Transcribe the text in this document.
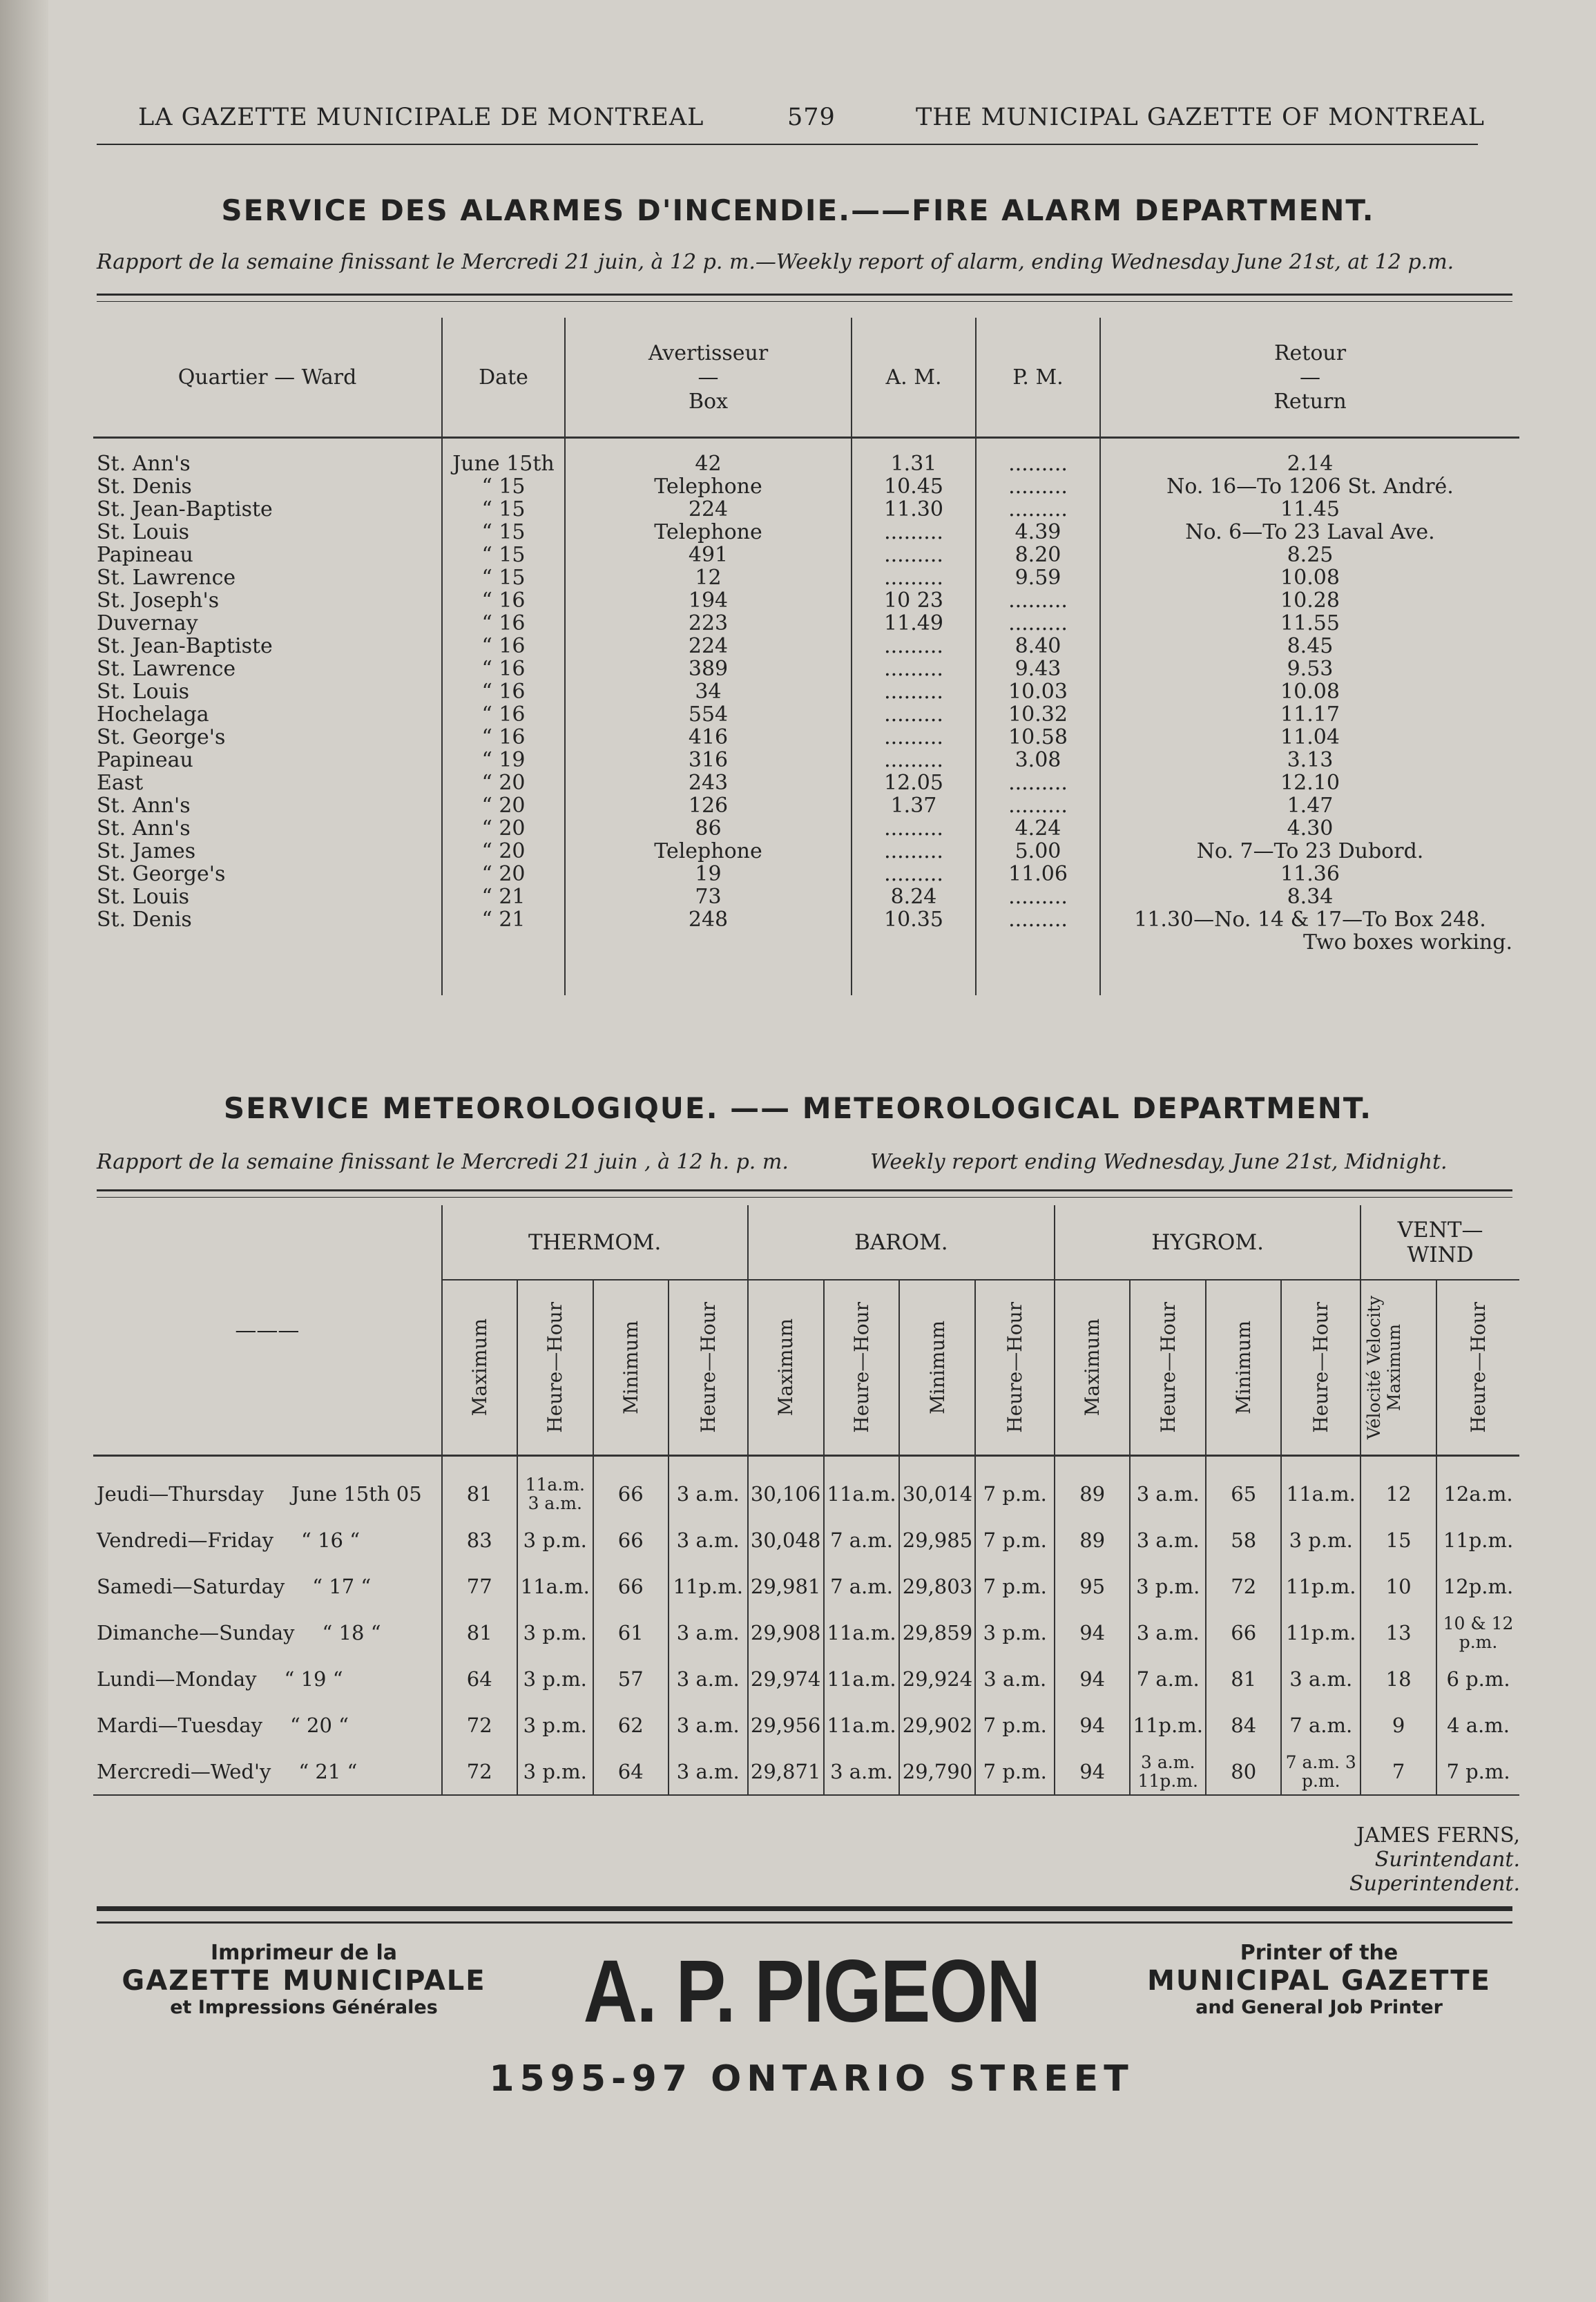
LA GAZETTE MUNICIPALE DE MONTREAL	579	THE MUNICIPAL GAZETTE OF MONTREAL
SERVICE DES ALARMES D'INCENDIE.——FIRE ALARM DEPARTMENT.
Rapport de la semaine finissant le Mercredi 21 juin, à 12 p. m.—Weekly report of alarm, ending Wednesday June 21st, at 12 p.m.
Quartier — Ward	Date	Avertisseur
—
Box	A. M.	P. M.	Retour
—
Return

St. Ann's	June 15th	42	1.31	.........	2.14
St. Denis	“ 15	Telephone	10.45	.........	No. 16—To 1206 St. André.
St. Jean-Baptiste	“ 15	224	11.30	.........	11.45
St. Louis	“ 15	Telephone	.........	4.39	No. 6—To 23 Laval Ave.
Papineau	“ 15	491	.........	8.20	8.25
St. Lawrence	“ 15	12	.........	9.59	10.08
St. Joseph's	“ 16	194	10 23	.........	10.28
Duvernay	“ 16	223	11.49	.........	11.55
St. Jean-Baptiste	“ 16	224	.........	8.40	8.45
St. Lawrence	“ 16	389	.........	9.43	9.53
St. Louis	“ 16	34	.........	10.03	10.08
Hochelaga	“ 16	554	.........	10.32	11.17
St. George's	“ 16	416	.........	10.58	11.04
Papineau	“ 19	316	.........	3.08	3.13
East	“ 20	243	12.05	.........	12.10
St. Ann's	“ 20	126	1.37	.........	1.47
St. Ann's	“ 20	86	.........	4.24	4.30
St. James	“ 20	Telephone	.........	5.00	No. 7—To 23 Dubord.
St. George's	“ 20	19	.........	11.06	11.36
St. Louis	“ 21	73	8.24	.........	8.34
St. Denis	“ 21	248	10.35	.........	11.30—No. 14 & 17—To Box 248.

					Two boxes working.

SERVICE METEOROLOGIQUE. —— METEOROLOGICAL DEPARTMENT.
Rapport de la semaine finissant le Mercredi 21 juin , à 12 h. p. m.	Weekly report ending Wednesday, June 21st, Midnight.
———	THERMOM.				BAROM.				HYGROM.				VENT—
WIND	

	Maximum	Heure—Hour	Minimum	Heure—Hour	Maximum	Heure—Hour	Minimum	Heure—Hour	Maximum	Heure—Hour	Minimum	Heure—Hour	Vélocité Velocity Maximum	Heure—Hour

Jeudi—Thursday June 15th 05	81	11a.m. 3 a.m.	66	3 a.m.	30,106	11a.m.	30,014	7 p.m.	89	3 a.m.	65	11a.m.	12	12a.m.
Vendredi—Friday “ 16 “	83	3 p.m.	66	3 a.m.	30,048	7 a.m.	29,985	7 p.m.	89	3 a.m.	58	3 p.m.	15	11p.m.
Samedi—Saturday “ 17 “	77	11a.m.	66	11p.m.	29,981	7 a.m.	29,803	7 p.m.	95	3 p.m.	72	11p.m.	10	12p.m.
Dimanche—Sunday “ 18 “	81	3 p.m.	61	3 a.m.	29,908	11a.m.	29,859	3 p.m.	94	3 a.m.	66	11p.m.	13	10 & 12 p.m.
Lundi—Monday “ 19 “	64	3 p.m.	57	3 a.m.	29,974	11a.m.	29,924	3 a.m.	94	7 a.m.	81	3 a.m.	18	6 p.m.
Mardi—Tuesday “ 20 “	72	3 p.m.	62	3 a.m.	29,956	11a.m.	29,902	7 p.m.	94	11p.m.	84	7 a.m.	9	4 a.m.
Mercredi—Wed'y “ 21 “	72	3 p.m.	64	3 a.m.	29,871	3 a.m.	29,790	7 p.m.	94	3 a.m. 11p.m.	80	7 a.m. 3 p.m.	7	7 p.m.
JAMES FERNS,
Surintendant.
Superintendent.
Imprimeur de la
GAZETTE MUNICIPALE
et Impressions Générales	A. P. PIGEON	Printer of the
MUNICIPAL GAZETTE
and General Job Printer
1595-97 ONTARIO STREET
